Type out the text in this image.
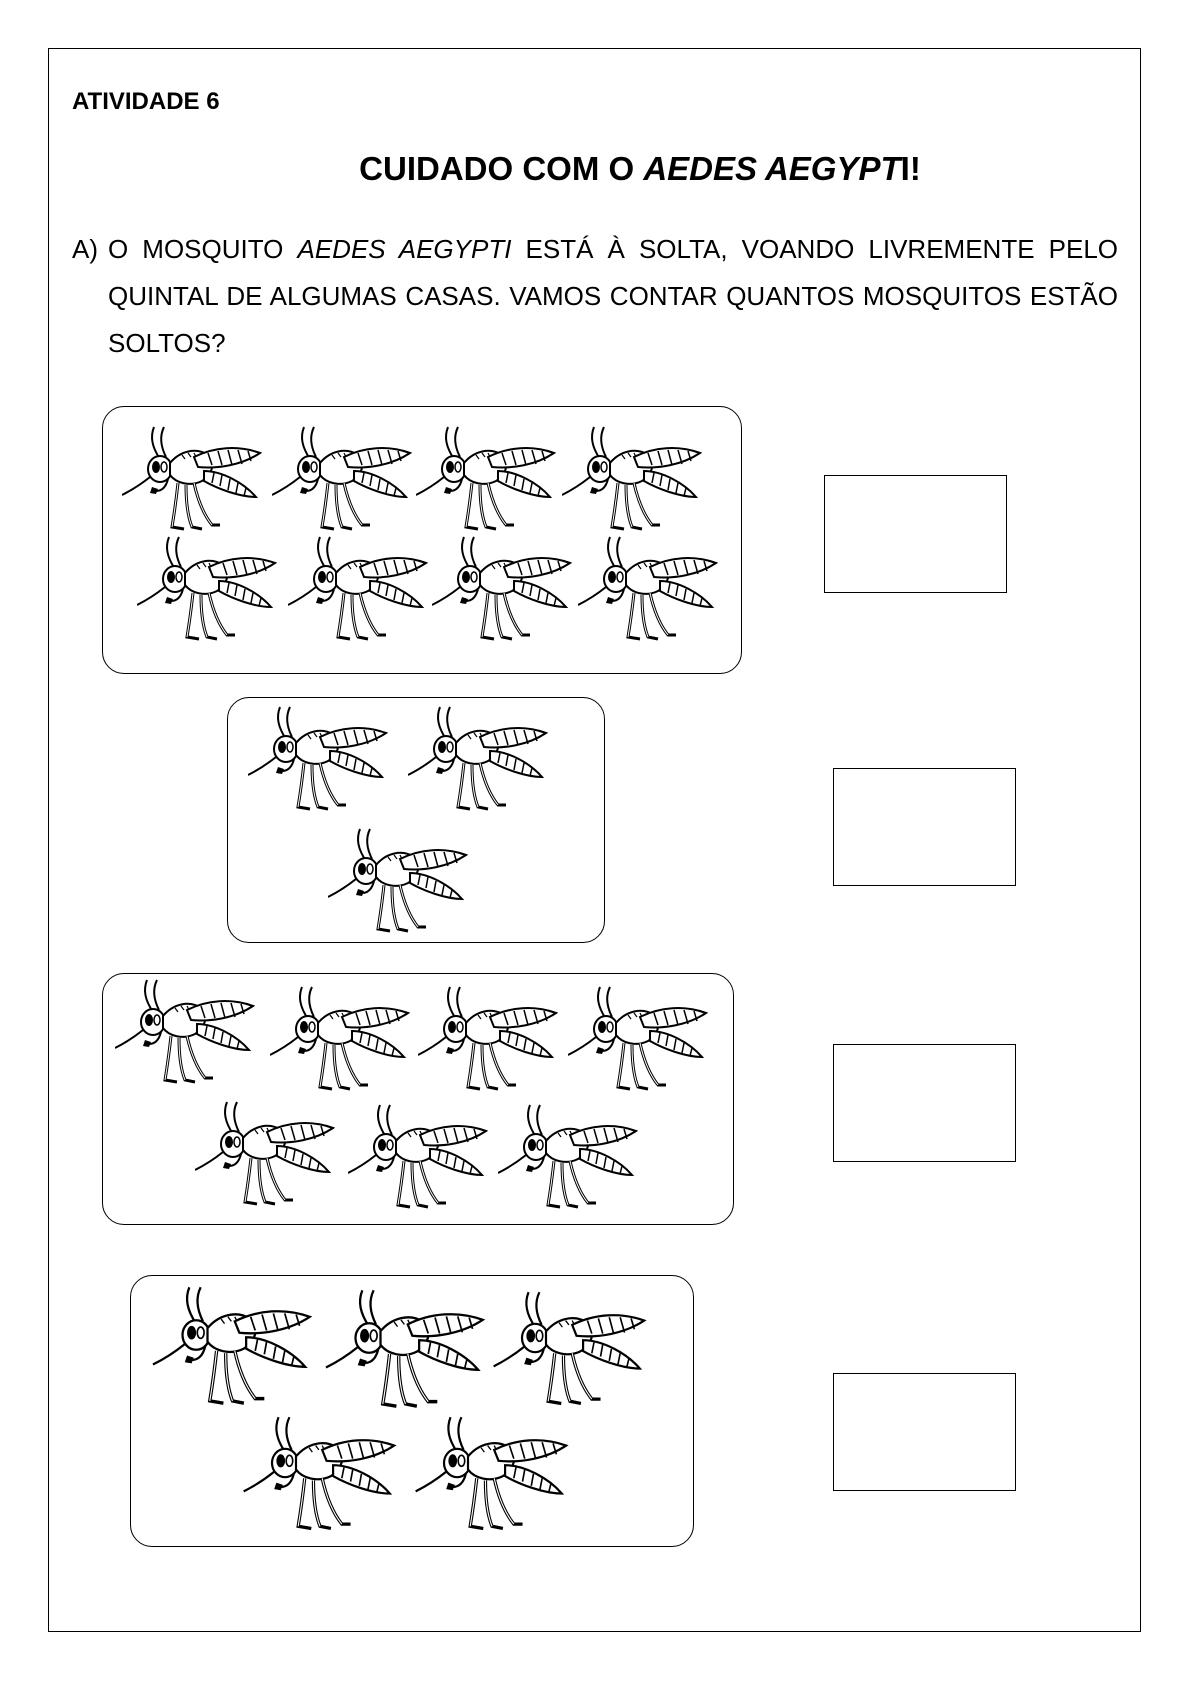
ATIVIDADE 6
CUIDADO COM O AEDES AEGYPTI!
A) O MOSQUITO AEDES AEGYPTI ESTÁ À SOLTA, VOANDO LIVREMENTE PELO QUINTAL DE ALGUMAS CASAS. VAMOS CONTAR QUANTOS MOSQUITOS ESTÃO SOLTOS?
